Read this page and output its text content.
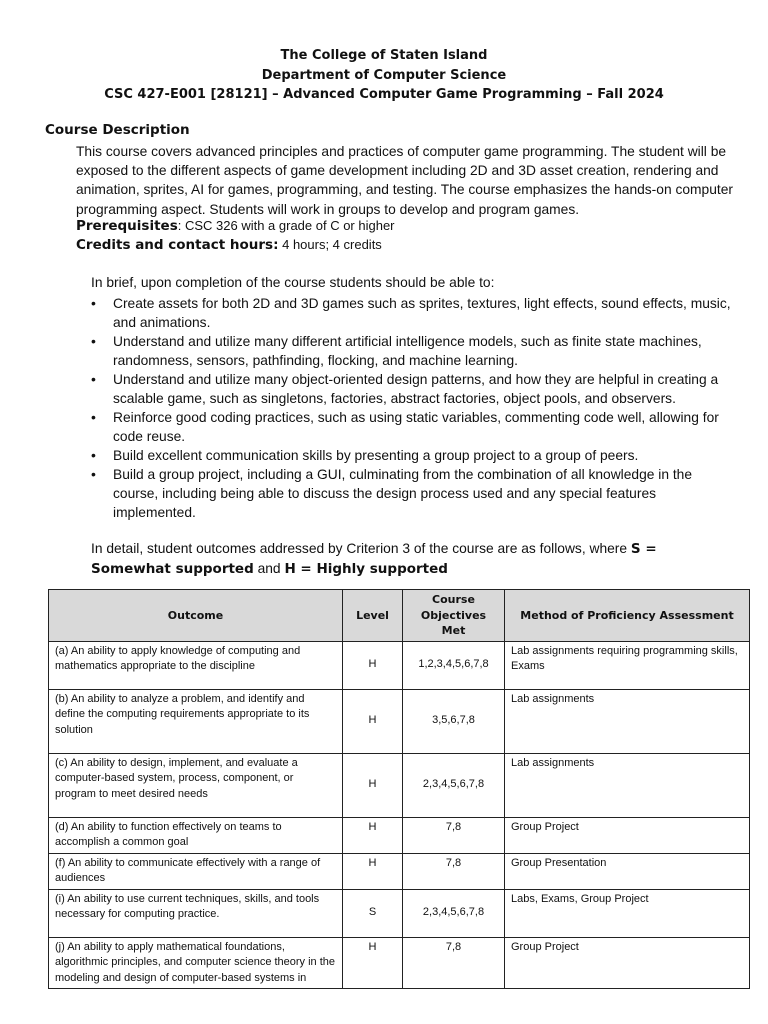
The College of Staten Island
Department of Computer Science
CSC 427-E001 [28121] – Advanced Computer Game Programming – Fall 2024
Course Description

This course covers advanced principles and practices of computer game programming. The student will be exposed to the different aspects of game development including 2D and 3D asset creation, rendering and animation, sprites, AI for games, programming, and testing. The course emphasizes the hands-on computer programming aspect. Students will work in groups to develop and program games.

Prerequisites: CSC 326 with a grade of C or higher
Credits and contact hours: 4 hours; 4 credits
In brief, upon completion of the course students should be able to:
• Create assets for both 2D and 3D games such as sprites, textures, light effects, sound effects, music, and animations.
• Understand and utilize many different artificial intelligence models, such as finite state machines, randomness, sensors, pathfinding, flocking, and machine learning.
• Understand and utilize many object-oriented design patterns, and how they are helpful in creating a scalable game, such as singletons, factories, abstract factories, object pools, and observers.
• Reinforce good coding practices, such as using static variables, commenting code well, allowing for code reuse.
• Build excellent communication skills by presenting a group project to a group of peers.
• Build a group project, including a GUI, culminating from the combination of all knowledge in the course, including being able to discuss the design process used and any special features implemented.

In detail, student outcomes addressed by Criterion 3 of the course are as follows, where S = Somewhat supported and H = Highly supported

Outcome	Level	Course Objectives Met	Method of Proficiency Assessment
(a) An ability to apply knowledge of computing and mathematics appropriate to the discipline	H	1,2,3,4,5,6,7,8	Lab assignments requiring programming skills, Exams
(b) An ability to analyze a problem, and identify and define the computing requirements appropriate to its solution	H	3,5,6,7,8	Lab assignments
(c) An ability to design, implement, and evaluate a computer-based system, process, component, or program to meet desired needs	H	2,3,4,5,6,7,8	Lab assignments
(d) An ability to function effectively on teams to accomplish a common goal	H	7,8	Group Project
(f) An ability to communicate effectively with a range of audiences	H	7,8	Group Presentation
(i) An ability to use current techniques, skills, and tools necessary for computing practice.	S	2,3,4,5,6,7,8	Labs, Exams, Group Project
(j) An ability to apply mathematical foundations, algorithmic principles, and computer science theory in the modeling and design of computer-based systems in	H	7,8	Group Project
